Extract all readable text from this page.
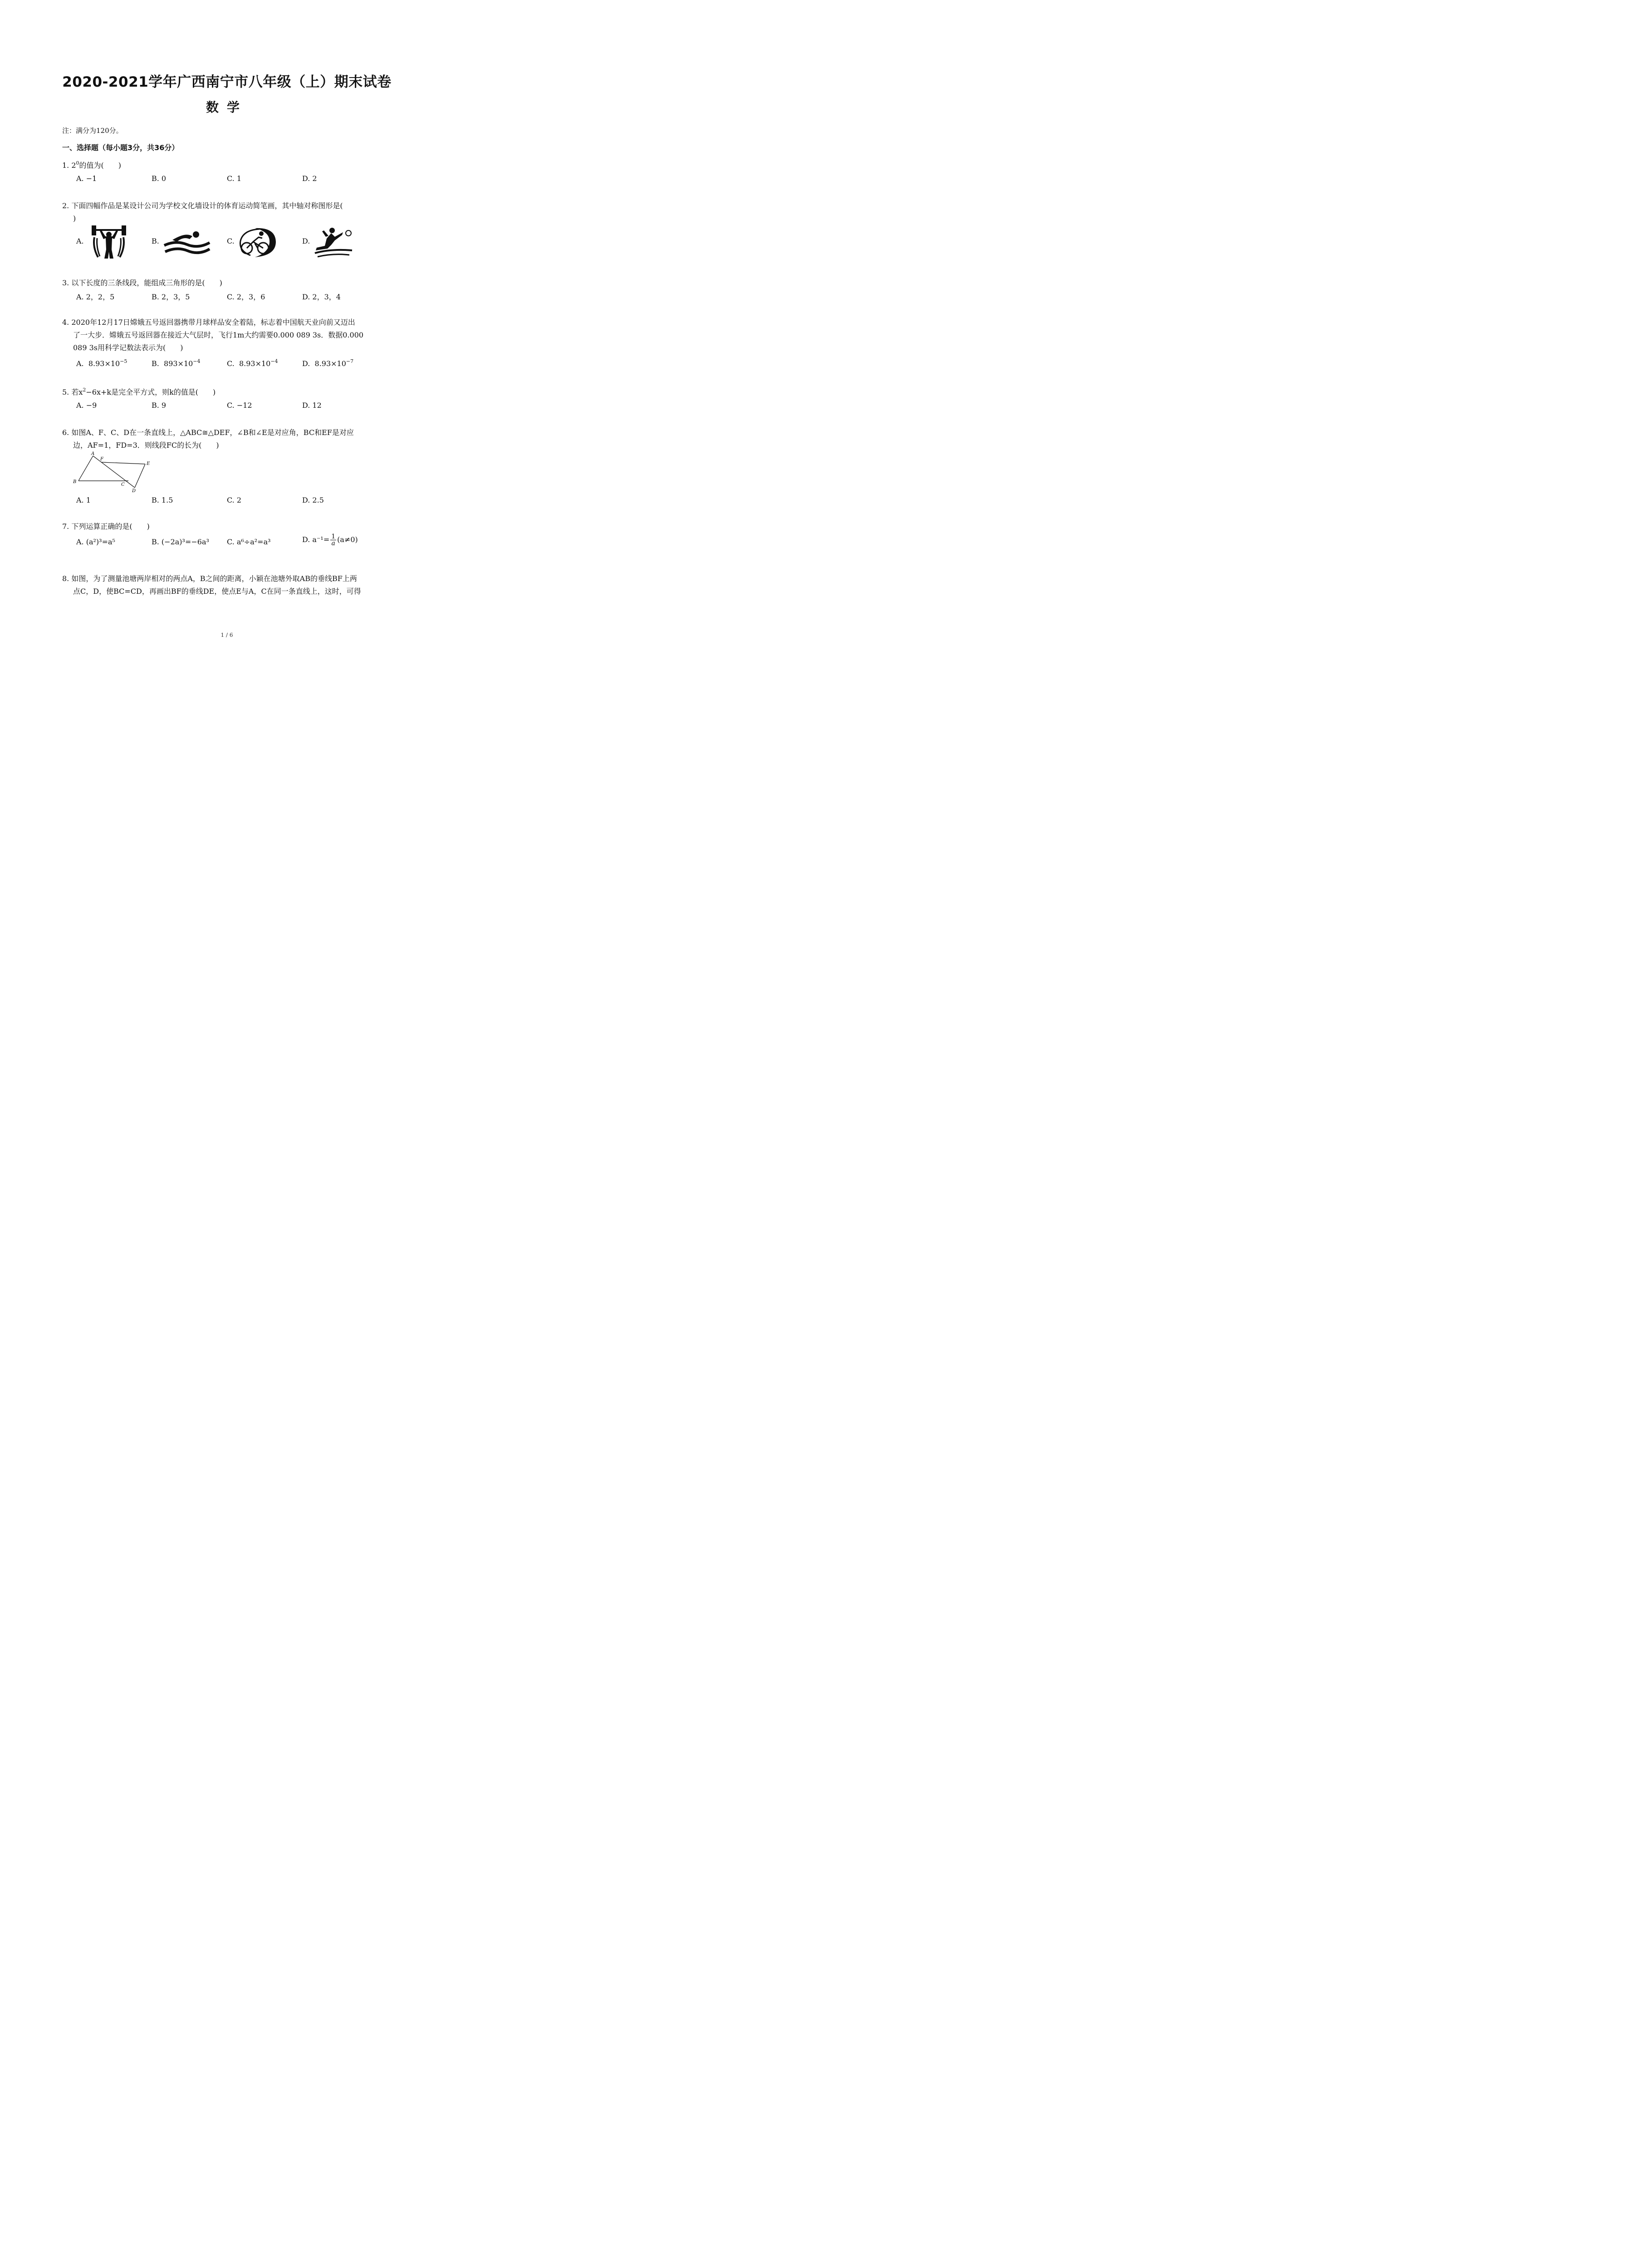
2020-2021学年广西南宁市八年级（上）期末试卷
数学
注：满分为120分。
一、选择题（每小题3分，共36分）
1. $2^0$的值为(　　)
A. −1	B. 0	C. 1	D. 2
2. 下面四幅作品是某设计公司为学校文化墙设计的体育运动简笔画，其中轴对称图形是(
)
A.	B.	C.	D.
3. 以下长度的三条线段，能组成三角形的是(　　)
A. 2，2，5	B. 2，3，5	C. 2，3，6	D. 2，3，4
4. 2020年12月17日嫦娥五号返回器携带月球样品安全着陆，标志着中国航天业向前又迈出
了一大步．嫦娥五号返回器在接近大气层时，飞行1m大约需要0.000 089 3s．数据0.000
089 3s用科学记数法表示为(　　)
A. $8.93\times 10^{-5}$	B. $893\times 10^{-4}$	C. $8.93\times 10^{-4}$	D. $8.93\times 10^{-7}$
5. 若$x^2-6x+k$是完全平方式，则k的值是(　　)
A. −9	B. 9	C. −12	D. 12
6. 如图A、F、C、D在一条直线上，△ABC≅△DEF，∠B和∠E是对应角，BC和EF是对应
边，AF=1，FD=3．则线段FC的长为(　　)
A
F
E
B
C
D
A. 1	B. 1.5	C. 2	D. 2.5
7. 下列运算正确的是(　　)
A. (a²)³=a⁵	B. (−2a)³=−6a³ C. a⁶÷a²=a³	D. $a^{-1}= \frac{1}{a} (a\ne 0)$
8. 如图，为了测量池塘两岸相对的两点A，B之间的距离，小颖在池塘外取AB的垂线BF上两
点C，D，使BC=CD，再画出BF的垂线DE，使点E与A，C在同一条直线上，这时，可得
1 / 6
